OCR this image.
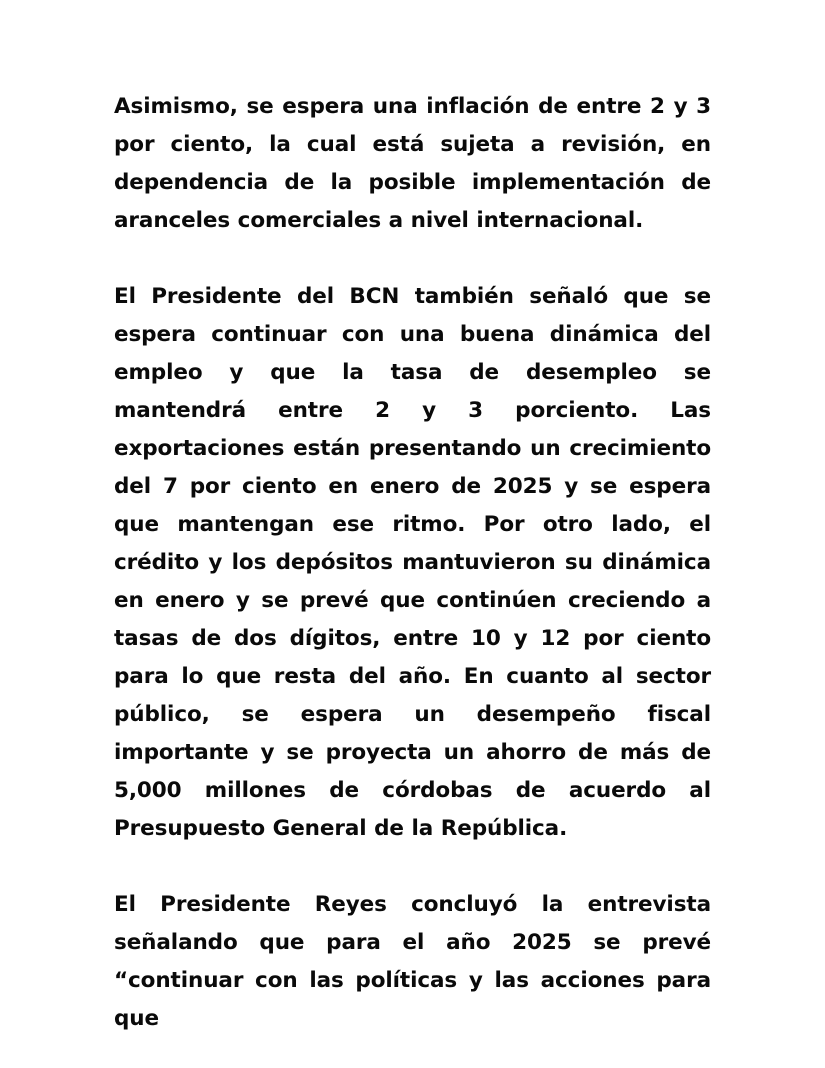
Asimismo, se espera una inflación de entre 2 y 3 por ciento, la cual está sujeta a revisión, en dependencia de la posible implementación de aranceles comerciales a nivel internacional.

El Presidente del BCN también señaló que se espera continuar con una buena dinámica del empleo y que la tasa de desempleo se mantendrá entre 2 y 3 porciento. Las exportaciones están presentando un crecimiento del 7 por ciento en enero de 2025 y se espera que mantengan ese ritmo. Por otro lado, el crédito y los depósitos mantuvieron su dinámica en enero y se prevé que continúen creciendo a tasas de dos dígitos, entre 10 y 12 por ciento para lo que resta del año. En cuanto al sector público, se espera un desempeño fiscal importante y se proyecta un ahorro de más de 5,000 millones de córdobas de acuerdo al Presupuesto General de la República.

El Presidente Reyes concluyó la entrevista señalando que para el año 2025 se prevé “continuar con las políticas y las acciones para que
